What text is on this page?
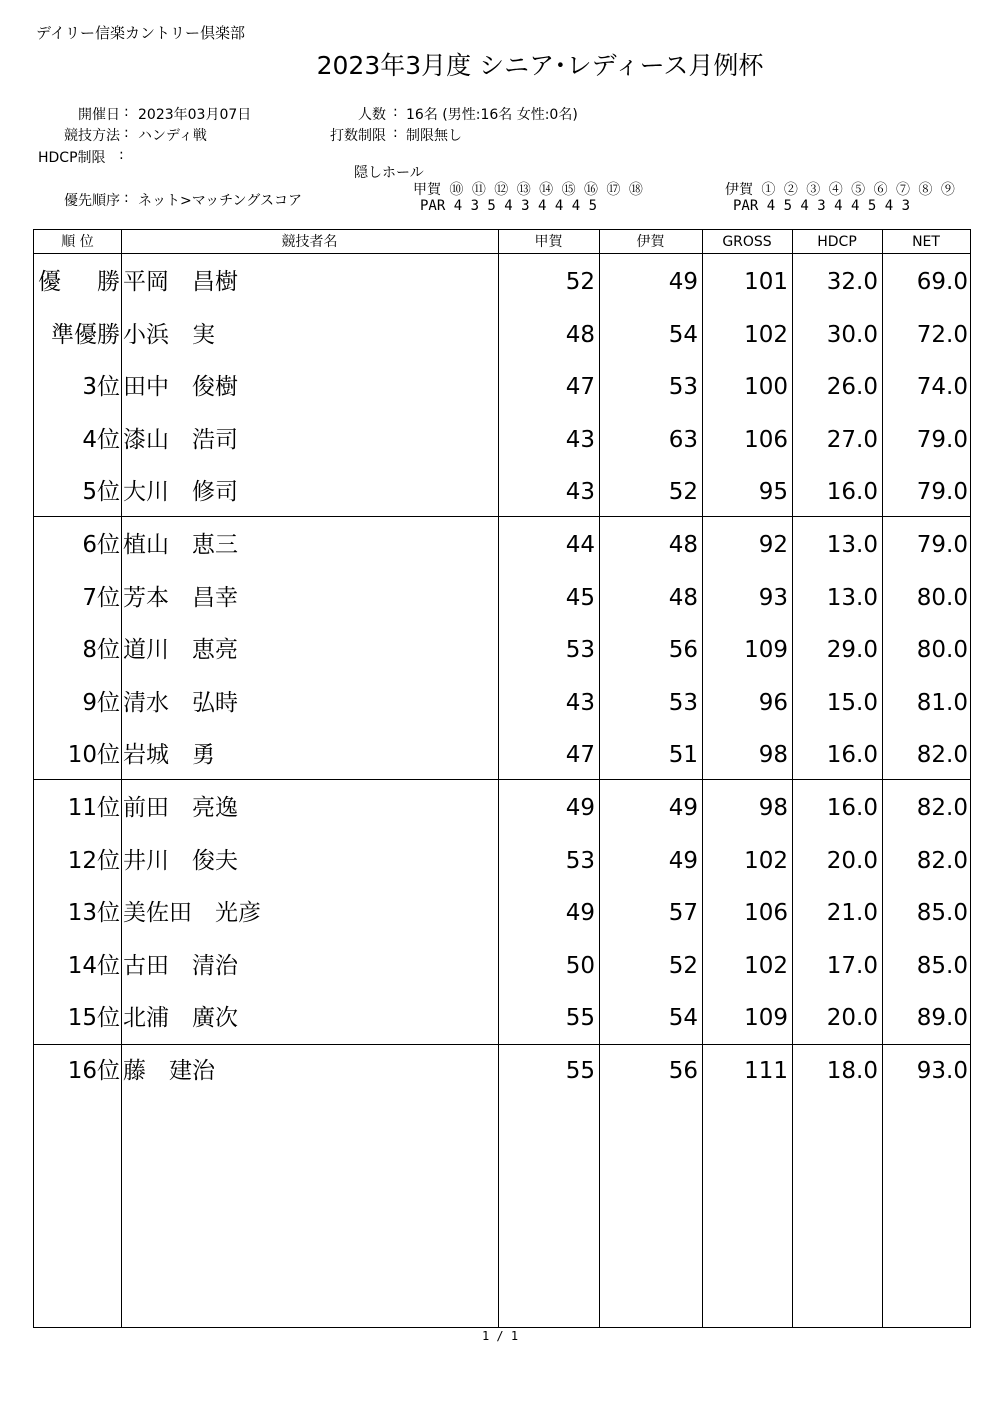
デイリー信楽カントリー倶楽部
2023年3月度 シニア･レディース月例杯
開催日 : 2023年03月07日
競技方法 : ハンディ戦
HDCP制限 :
優先順序 : ネット>マッチングスコア
人数 : 16名 (男性:16名 女性:0名)
打数制限 : 制限無し
隠しホール
甲賀 ⑩ ⑪ ⑫ ⑬ ⑭ ⑮ ⑯ ⑰ ⑱
PAR 4 3 5 4 3 4 4 4 5
伊賀 ① ② ③ ④ ⑤ ⑥ ⑦ ⑧ ⑨
PAR 4 5 4 3 4 4 5 4 3
順 位	競技者名	甲賀	伊賀	GROSS	HDCP	NET
優　勝 平岡　昌樹	52	49	101	32.0	69.0
準優勝 小浜　実	48	54	102	30.0	72.0
3位 田中　俊樹	47	53	100	26.0	74.0
4位 漆山　浩司	43	63	106	27.0	79.0
5位 大川　修司	43	52	95	16.0	79.0
6位 植山　恵三	44	48	92	13.0	79.0
7位 芳本　昌幸	45	48	93	13.0	80.0
8位 道川　恵亮	53	56	109	29.0	80.0
9位 清水　弘時	43	53	96	15.0	81.0
10位 岩城　勇	47	51	98	16.0	82.0
11位 前田　亮逸	49	49	98	16.0	82.0
12位 井川　俊夫	53	49	102	20.0	82.0
13位 美佐田　光彦	49	57	106	21.0	85.0
14位 古田　清治	50	52	102	17.0	85.0
15位 北浦　廣次	55	54	109	20.0	89.0
16位 藤　建治	55	56	111	18.0	93.0
1 / 1
